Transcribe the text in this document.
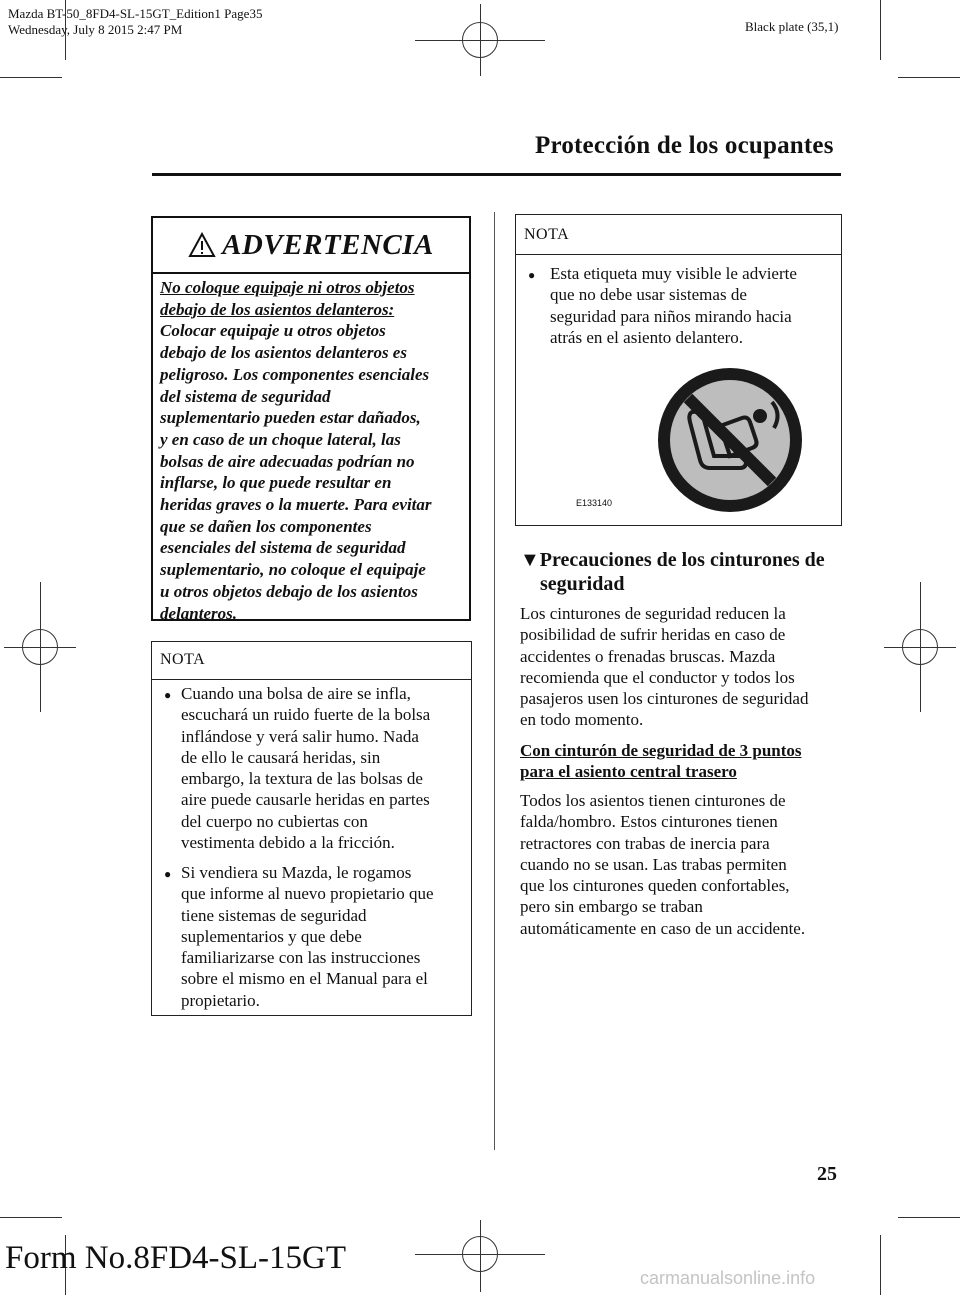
Mazda BT-50_8FD4-SL-15GT_Edition1 Page35
Wednesday, July 8 2015 2:47 PM	Black plate (35,1)
Protección de los ocupantes
ADVERTENCIA
No coloque equipaje ni otros objetos
debajo de los asientos delanteros:
Colocar equipaje u otros objetos
debajo de los asientos delanteros es
peligroso. Los componentes esenciales
del sistema de seguridad
suplementario pueden estar dañados,
y en caso de un choque lateral, las
bolsas de aire adecuadas podrían no
inflarse, lo que puede resultar en
heridas graves o la muerte. Para evitar
que se dañen los componentes
esenciales del sistema de seguridad
suplementario, no coloque el equipaje
u otros objetos debajo de los asientos
delanteros.
NOTA
● Cuando una bolsa de aire se infla,
escuchará un ruido fuerte de la bolsa
inflándose y verá salir humo. Nada
de ello le causará heridas, sin
embargo, la textura de las bolsas de
aire puede causarle heridas en partes
del cuerpo no cubiertas con
vestimenta debido a la fricción.
● Si vendiera su Mazda, le rogamos
que informe al nuevo propietario que
tiene sistemas de seguridad
suplementarios y que debe
familiarizarse con las instrucciones
sobre el mismo en el Manual para el
propietario.
NOTA
● Esta etiqueta muy visible le advierte
que no debe usar sistemas de
seguridad para niños mirando hacia
atrás en el asiento delantero.
E133140
▼Precauciones de los cinturones de
seguridad
Los cinturones de seguridad reducen la
posibilidad de sufrir heridas en caso de
accidentes o frenadas bruscas. Mazda
recomienda que el conductor y todos los
pasajeros usen los cinturones de seguridad
en todo momento.
Con cinturón de seguridad de 3 puntos
para el asiento central trasero
Todos los asientos tienen cinturones de
falda/hombro. Estos cinturones tienen
retractores con trabas de inercia para
cuando no se usan. Las trabas permiten
que los cinturones queden confortables,
pero sin embargo se traban
automáticamente en caso de un accidente.
25
Form No.8FD4-SL-15GT
carmanualsonline.info
